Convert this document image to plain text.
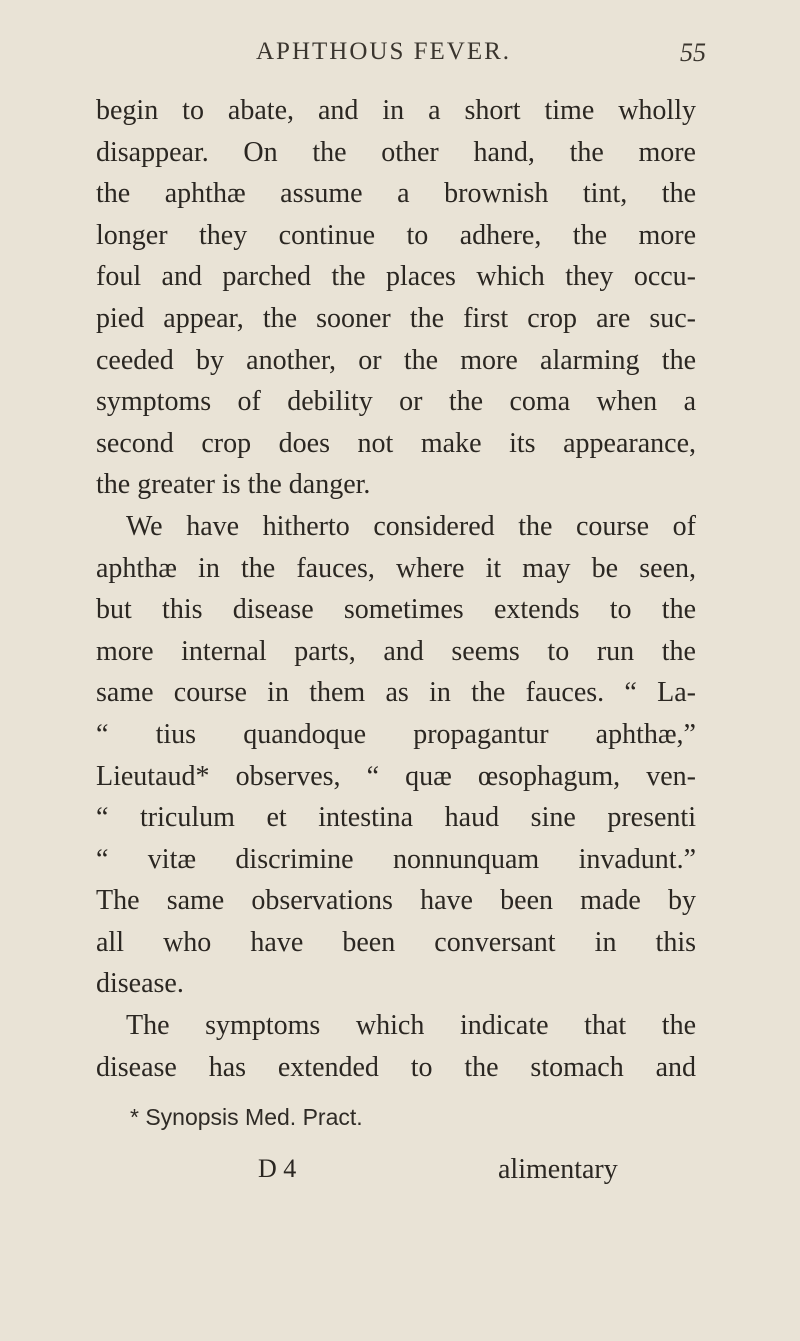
APHTHOUS FEVER.	55
begin to abate, and in a short time wholly
disappear. On the other hand, the more
the aphthæ assume a brownish tint, the
longer they continue to adhere, the more
foul and parched the places which they occu-
pied appear, the sooner the first crop are suc-
ceeded by another, or the more alarming the
symptoms of debility or the coma when a
second crop does not make its appearance,
the greater is the danger.
We have hitherto considered the course of
aphthæ in the fauces, where it may be seen,
but this disease sometimes extends to the
more internal parts, and seems to run the
same course in them as in the fauces. “ La-
“ tius quandoque propagantur aphthæ,”
Lieutaud* observes, “ quæ œsophagum, ven-
“ triculum et intestina haud sine presenti
“ vitæ discrimine nonnunquam invadunt.”
The same observations have been made by
all who have been conversant in this
disease.
The symptoms which indicate that the
disease has extended to the stomach and
* Synopsis Med. Pract.
D 4	alimentary
